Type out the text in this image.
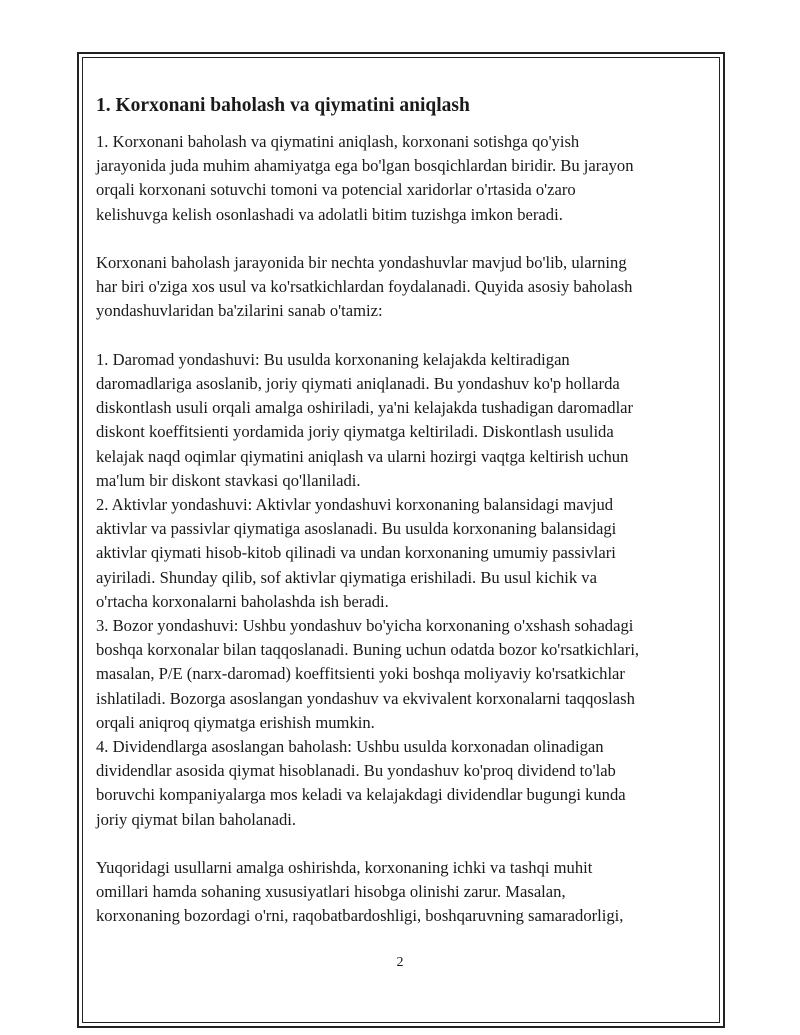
1. Korxonani baholash va qiymatini aniqlash

1. Korxonani baholash va qiymatini aniqlash, korxonani sotishga qo'yish
jarayonida juda muhim ahamiyatga ega bo'lgan bosqichlardan biridir. Bu jarayon
orqali korxonani sotuvchi tomoni va potencial xaridorlar o'rtasida o'zaro
kelishuvga kelish osonlashadi va adolatli bitim tuzishga imkon beradi.

Korxonani baholash jarayonida bir nechta yondashuvlar mavjud bo'lib, ularning
har biri o'ziga xos usul va ko'rsatkichlardan foydalanadi. Quyida asosiy baholash
yondashuvlaridan ba'zilarini sanab o'tamiz:

1. Daromad yondashuvi: Bu usulda korxonaning kelajakda keltiradigan
daromadlariga asoslanib, joriy qiymati aniqlanadi. Bu yondashuv ko'p hollarda
diskontlash usuli orqali amalga oshiriladi, ya'ni kelajakda tushadigan daromadlar
diskont koeffitsienti yordamida joriy qiymatga keltiriladi. Diskontlash usulida
kelajak naqd oqimlar qiymatini aniqlash va ularni hozirgi vaqtga keltirish uchun
ma'lum bir diskont stavkasi qo'llaniladi.

2. Aktivlar yondashuvi: Aktivlar yondashuvi korxonaning balansidagi mavjud
aktivlar va passivlar qiymatiga asoslanadi. Bu usulda korxonaning balansidagi
aktivlar qiymati hisob-kitob qilinadi va undan korxonaning umumiy passivlari
ayiriladi. Shunday qilib, sof aktivlar qiymatiga erishiladi. Bu usul kichik va
o'rtacha korxonalarni baholashda ish beradi.

3. Bozor yondashuvi: Ushbu yondashuv bo'yicha korxonaning o'xshash sohadagi
boshqa korxonalar bilan taqqoslanadi. Buning uchun odatda bozor ko'rsatkichlari,
masalan, P/E (narx-daromad) koeffitsienti yoki boshqa moliyaviy ko'rsatkichlar
ishlatiladi. Bozorga asoslangan yondashuv va ekvivalent korxonalarni taqqoslash
orqali aniqroq qiymatga erishish mumkin.

4. Dividendlarga asoslangan baholash: Ushbu usulda korxonadan olinadigan
dividendlar asosida qiymat hisoblanadi. Bu yondashuv ko'proq dividend to'lab
boruvchi kompaniyalarga mos keladi va kelajakdagi dividendlar bugungi kunda
joriy qiymat bilan baholanadi.

Yuqoridagi usullarni amalga oshirishda, korxonaning ichki va tashqi muhit
omillari hamda sohaning xususiyatlari hisobga olinishi zarur. Masalan,
korxonaning bozordagi o'rni, raqobatbardoshligi, boshqaruvning samaradorligi,

2
